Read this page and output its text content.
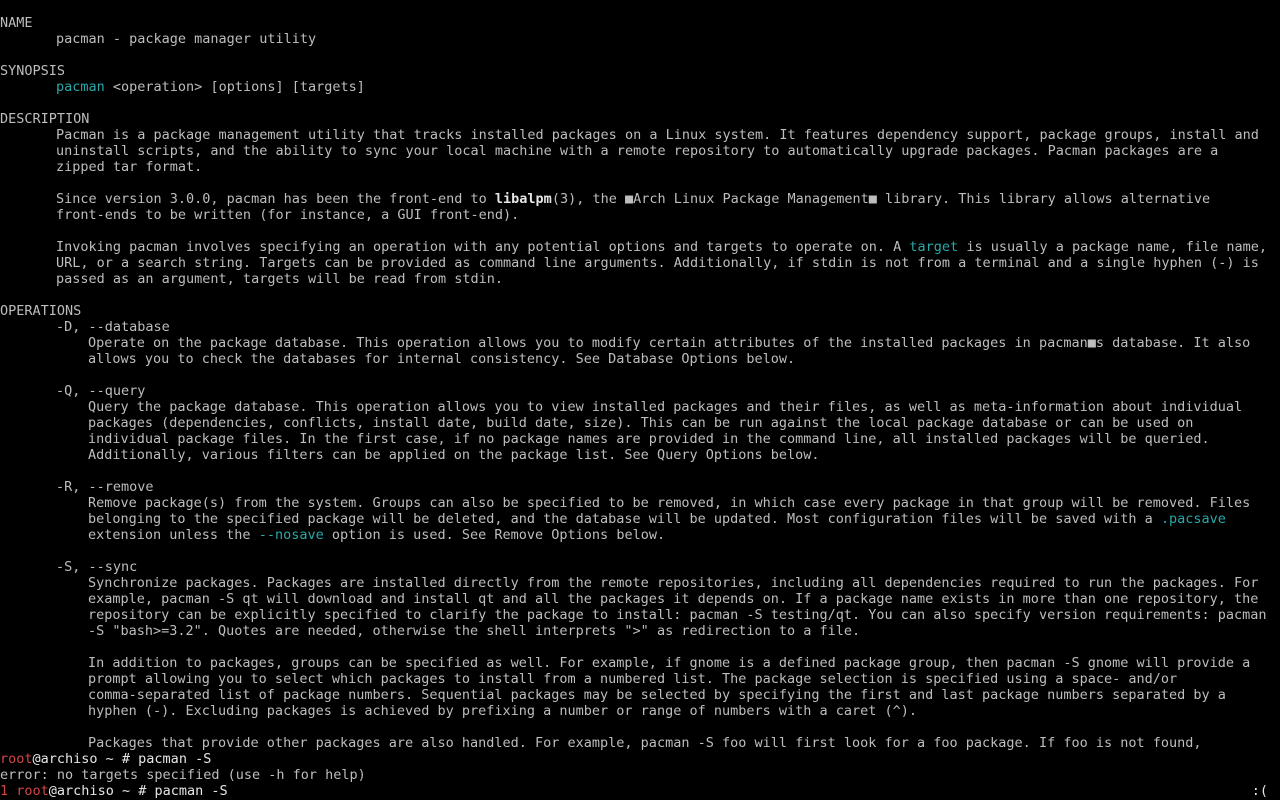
NAME
pacman - package manager utility
SYNOPSIS
pacman <operation> [options] [targets]
DESCRIPTION
Pacman is a package management utility that tracks installed packages on a Linux system. It features dependency support, package groups, install and
uninstall scripts, and the ability to sync your local machine with a remote repository to automatically upgrade packages. Pacman packages are a
zipped tar format.
Since version 3.0.0, pacman has been the front-end to libalpm(3), the ■Arch Linux Package Management■ library. This library allows alternative
front-ends to be written (for instance, a GUI front-end).
Invoking pacman involves specifying an operation with any potential options and targets to operate on. A target is usually a package name, file name,
URL, or a search string. Targets can be provided as command line arguments. Additionally, if stdin is not from a terminal and a single hyphen (-) is
passed as an argument, targets will be read from stdin.
OPERATIONS
-D, --database
Operate on the package database. This operation allows you to modify certain attributes of the installed packages in pacman■s database. It also
allows you to check the databases for internal consistency. See Database Options below.
-Q, --query
Query the package database. This operation allows you to view installed packages and their files, as well as meta-information about individual
packages (dependencies, conflicts, install date, build date, size). This can be run against the local package database or can be used on
individual package files. In the first case, if no package names are provided in the command line, all installed packages will be queried.
Additionally, various filters can be applied on the package list. See Query Options below.
-R, --remove
Remove package(s) from the system. Groups can also be specified to be removed, in which case every package in that group will be removed. Files
belonging to the specified package will be deleted, and the database will be updated. Most configuration files will be saved with a .pacsave
extension unless the --nosave option is used. See Remove Options below.
-S, --sync
Synchronize packages. Packages are installed directly from the remote repositories, including all dependencies required to run the packages. For
example, pacman -S qt will download and install qt and all the packages it depends on. If a package name exists in more than one repository, the
repository can be explicitly specified to clarify the package to install: pacman -S testing/qt. You can also specify version requirements: pacman
-S "bash>=3.2". Quotes are needed, otherwise the shell interprets ">" as redirection to a file.
In addition to packages, groups can be specified as well. For example, if gnome is a defined package group, then pacman -S gnome will provide a
prompt allowing you to select which packages to install from a numbered list. The package selection is specified using a space- and/or
comma-separated list of package numbers. Sequential packages may be selected by specifying the first and last package numbers separated by a
hyphen (-). Excluding packages is achieved by prefixing a number or range of numbers with a caret (^).
Packages that provide other packages are also handled. For example, pacman -S foo will first look for a foo package. If foo is not found,
root@archiso ~ # pacman -S
error: no targets specified (use -h for help)
1 root@archiso ~ # pacman -S	:(
